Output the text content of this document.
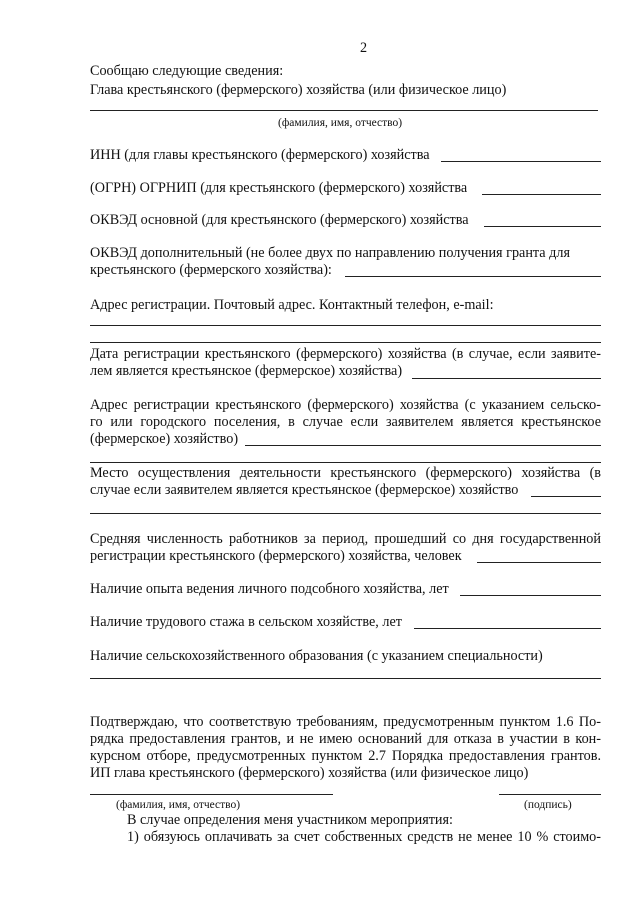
2
Сообщаю следующие сведения:
Глава крестьянского (фермерского) хозяйства (или физическое лицо)
(фамилия, имя, отчество)
ИНН (для главы крестьянского (фермерского) хозяйства
(ОГРН) ОГРНИП (для крестьянского (фермерского) хозяйства
ОКВЭД основной (для крестьянского (фермерского) хозяйства
ОКВЭД дополнительный (не более двух по направлению получения гранта для
крестьянского (фермерского хозяйства):
Адрес регистрации. Почтовый адрес. Контактный телефон, e-mail:
Дата регистрации крестьянского (фермерского) хозяйства (в случае, если заявите-
лем является крестьянское (фермерское) хозяйства)
Адрес регистрации крестьянского (фермерского) хозяйства (с указанием сельско-
го или городского поселения, в случае если заявителем является крестьянское
(фермерское) хозяйство)
Место осуществления деятельности крестьянского (фермерского) хозяйства (в
случае если заявителем является крестьянское (фермерское) хозяйство
Средняя численность работников за период, прошедший со дня государственной
регистрации крестьянского (фермерского) хозяйства, человек
Наличие опыта ведения личного подсобного хозяйства, лет
Наличие трудового стажа в сельском хозяйстве, лет
Наличие сельскохозяйственного образования (с указанием специальности)
Подтверждаю, что соответствую требованиям, предусмотренным пунктом 1.6 По-
рядка предоставления грантов, и не имею оснований для отказа в участии в кон-
курсном отборе, предусмотренных пунктом 2.7 Порядка предоставления грантов.
ИП глава крестьянского (фермерского) хозяйства (или физическое лицо)
(фамилия, имя, отчество)	(подпись)
В случае определения меня участником мероприятия:
1) обязуюсь оплачивать за счет собственных средств не менее 10 % стоимо-
